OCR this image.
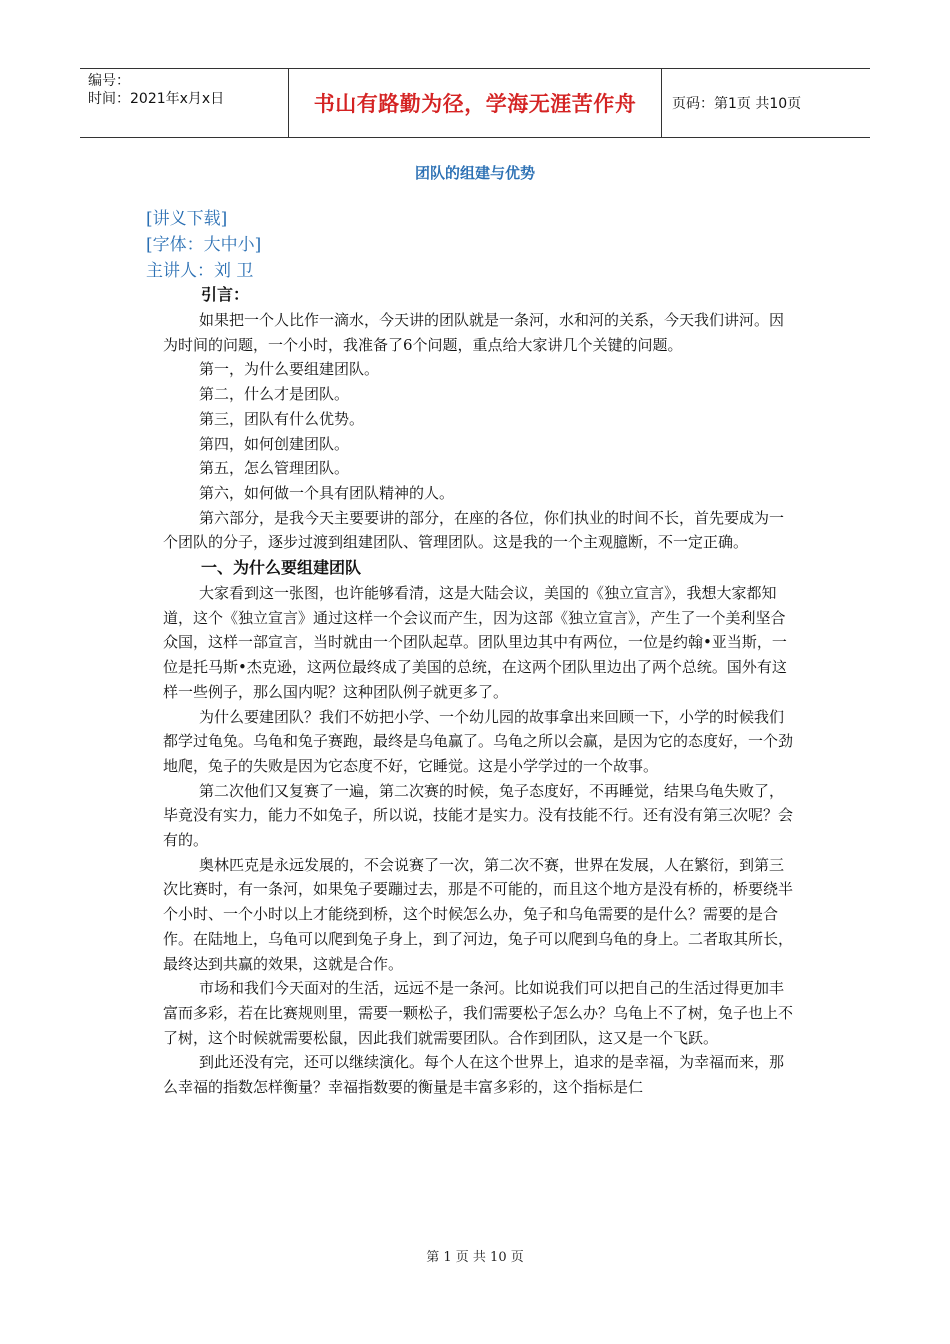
编号：
时间：2021年x月x日	书山有路勤为径，学海无涯苦作舟	页码：第1页 共10页
团队的组建与优势
[讲义下载]
[字体：大中小]
主讲人：刘 卫

引言：

如果把一个人比作一滴水，今天讲的团队就是一条河，水和河的关系，今天我们讲河。因为时间的问题，一个小时，我准备了6个问题，重点给大家讲几个关键的问题。

第一，为什么要组建团队。

第二，什么才是团队。

第三，团队有什么优势。

第四，如何创建团队。

第五，怎么管理团队。

第六，如何做一个具有团队精神的人。

第六部分，是我今天主要要讲的部分，在座的各位，你们执业的时间不长，首先要成为一个团队的分子，逐步过渡到组建团队、管理团队。这是我的一个主观臆断，不一定正确。

一、为什么要组建团队

大家看到这一张图，也许能够看清，这是大陆会议，美国的《独立宣言》，我想大家都知道，这个《独立宣言》通过这样一个会议而产生，因为这部《独立宣言》，产生了一个美利坚合众国，这样一部宣言，当时就由一个团队起草。团队里边其中有两位，一位是约翰•亚当斯，一位是托马斯•杰克逊，这两位最终成了美国的总统，在这两个团队里边出了两个总统。国外有这样一些例子，那么国内呢？这种团队例子就更多了。

为什么要建团队？我们不妨把小学、一个幼儿园的故事拿出来回顾一下，小学的时候我们都学过龟兔。乌龟和兔子赛跑，最终是乌龟赢了。乌龟之所以会赢，是因为它的态度好，一个劲地爬，兔子的失败是因为它态度不好，它睡觉。这是小学学过的一个故事。

第二次他们又复赛了一遍，第二次赛的时候，兔子态度好，不再睡觉，结果乌龟失败了，毕竟没有实力，能力不如兔子，所以说，技能才是实力。没有技能不行。还有没有第三次呢？会有的。

奥林匹克是永远发展的，不会说赛了一次，第二次不赛，世界在发展，人在繁衍，到第三次比赛时，有一条河，如果兔子要蹦过去，那是不可能的，而且这个地方是没有桥的，桥要绕半个小时、一个小时以上才能绕到桥，这个时候怎么办，兔子和乌龟需要的是什么？需要的是合作。在陆地上，乌龟可以爬到兔子身上，到了河边，兔子可以爬到乌龟的身上。二者取其所长，最终达到共赢的效果，这就是合作。

市场和我们今天面对的生活，远远不是一条河。比如说我们可以把自己的生活过得更加丰富而多彩，若在比赛规则里，需要一颗松子，我们需要松子怎么办？乌龟上不了树，兔子也上不了树，这个时候就需要松鼠，因此我们就需要团队。合作到团队，这又是一个飞跃。

到此还没有完，还可以继续演化。每个人在这个世界上，追求的是幸福，为幸福而来，那么幸福的指数怎样衡量？幸福指数要的衡量是丰富多彩的，这个指标是仁

第 1 页 共 10 页
